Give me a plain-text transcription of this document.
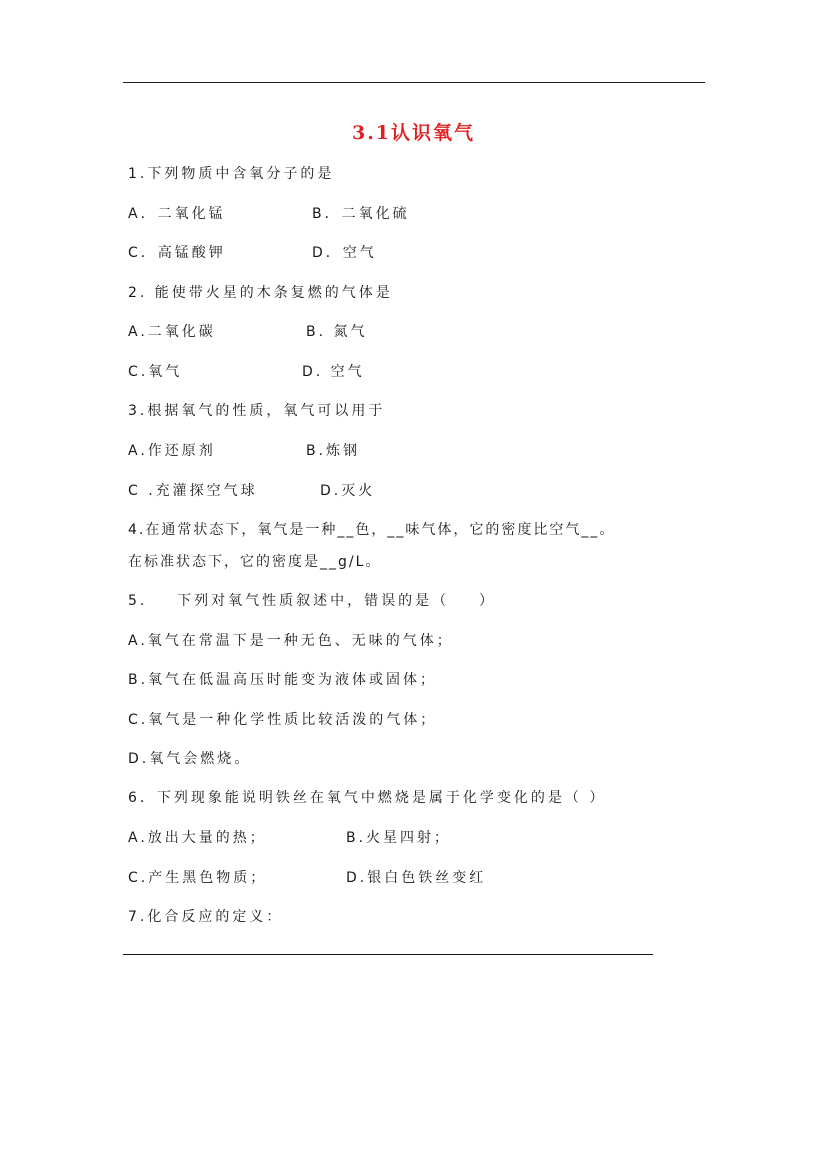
3.1认识氧气
1.下列物质中含氧分子的是
A．二氧化锰	B．二氧化硫
C．高锰酸钾	D．空气
2. 能使带火星的木条复燃的气体是
A.二氧化碳	B. 氮气
C.氧气	D. 空气
3.根据氧气的性质，氧气可以用于
A.作还原剂	B.炼钢
C .充灌探空气球	D.灭火
4.在通常状态下，氧气是一种__色，__味气体，它的密度比空气__。
在标准状态下，它的密度是__g/L。
5.    下列对氧气性质叙述中，错误的是（    ）
A.氧气在常温下是一种无色、无味的气体；
B.氧气在低温高压时能变为液体或固体；
C.氧气是一种化学性质比较活泼的气体；
D.氧气会燃烧。
6．下列现象能说明铁丝在氧气中燃烧是属于化学变化的是（ ）
A.放出大量的热；	B.火星四射；
C.产生黑色物质；	D.银白色铁丝变红
7.化合反应的定义：
